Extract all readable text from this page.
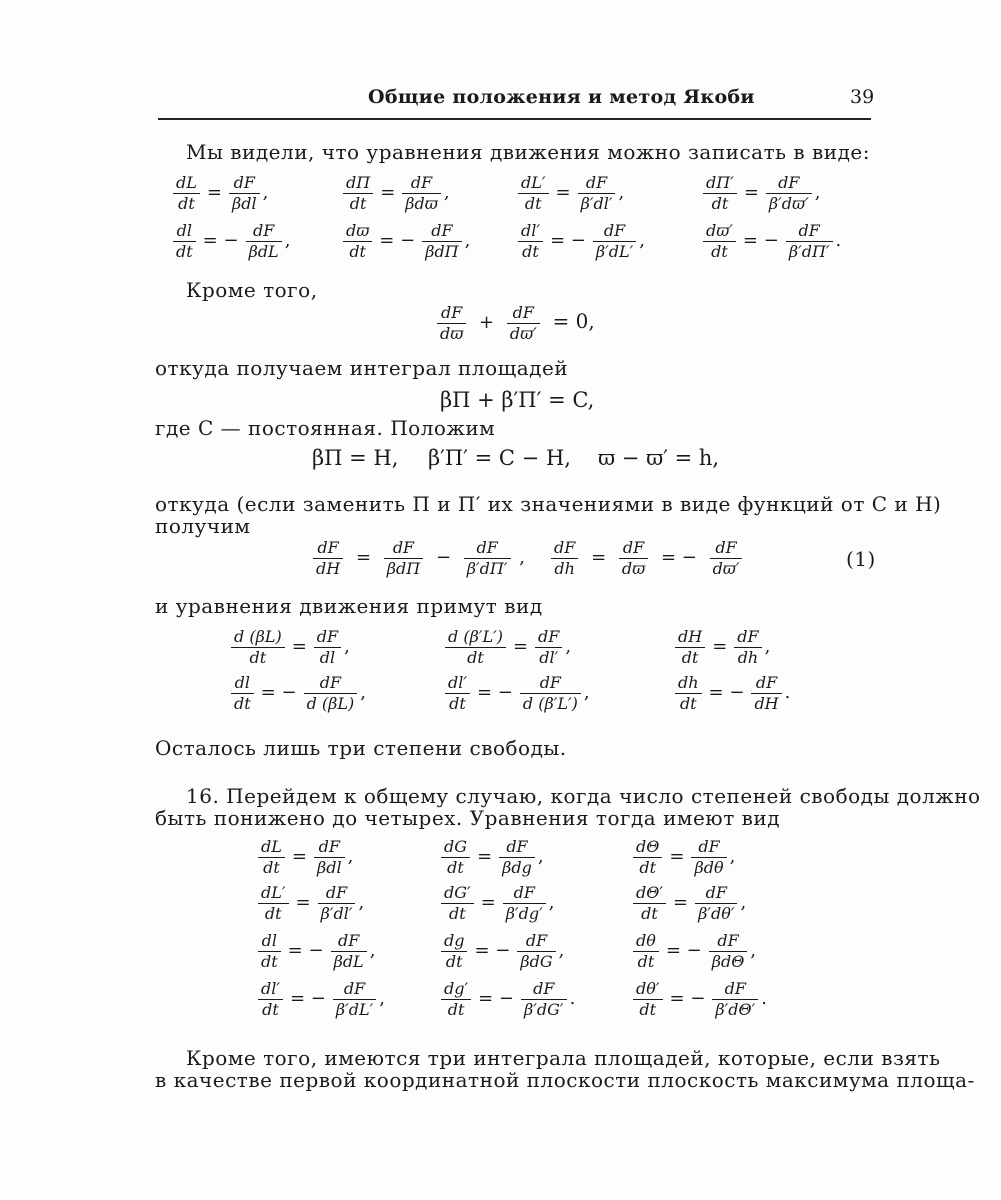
Общие положения и метод Якоби	39
Мы видели, что уравнения движения можно записать в виде:
$\frac{dL}{dt} = \frac{dF}{\text{βdl}}$ ,	$\frac{d\Pi}{dt} = \frac{dF}{\text{βdϖ}}$ ,	$\frac{dL'}{dt} = \frac{dF}{\beta'dl'}$ ,	$\frac{d\Pi'}{dt} = \frac{dF}{\beta'dϖ'}$ ,
$\frac{dl}{dt}$ = − $\frac{dF}{\text{βdL}}$ ,	$\frac{dϖ}{dt}$ = − $\frac{dF}{\text{βdΠ}}$ ,	$\frac{dl'}{dt}$ = − $\frac{dF}{\beta'dL'}$ ,	$\frac{dϖ'}{dt}$ = − $\frac{dF}{\beta'd\Pi'}$ .
Кроме того,
$\frac{dF}{dϖ} + \frac{dF}{dϖ'} = 0$,
откуда получаем интеграл площадей
βΠ + β′Π′ = C,
где C — постоянная. Положим
βΠ = H, β′Π′ = C − H, ϖ − ϖ′ = h,
откуда (если заменить Π и Π′ их значениями в виде функций от C и H)
получим
$\frac{dF}{dH} = \frac{dF}{\text{βdΠ}} - \frac{dF}{\beta'd\Pi'}$ , $\frac{dF}{dh} = \frac{dF}{dϖ}$ = − $\frac{dF}{dϖ'}$	(1)
и уравнения движения примут вид
$\frac{d (\beta L)}{dt} = \frac{dF}{dl}$ ,	$\frac{d (\beta'L')}{dt} = \frac{dF}{dl'}$ ,	$\frac{dH}{dt} = \frac{dF}{dh}$ ,
$\frac{dl}{dt}$ = − $\frac{dF}{d (\beta L)}$ ,	$\frac{dl'}{dt}$ = − $\frac{dF}{d (\beta'L')}$ ,	$\frac{dh}{dt}$ = − $\frac{dF}{dH}$ .
Осталось лишь три степени свободы.
16. Перейдем к общему случаю, когда число степеней свободы должно
быть понижено до четырех. Уравнения тогда имеют вид
$\frac{dL}{dt} = \frac{dF}{\text{βdl}}$ ,	$\frac{dG}{dt} = \frac{dF}{\text{βdg}}$ ,	$\frac{d\Theta}{dt} = \frac{dF}{\text{βdθ}}$ ,
$\frac{dL'}{dt} = \frac{dF}{\beta'dl'}$ ,	$\frac{dG'}{dt} = \frac{dF}{\beta'dg'}$ ,	$\frac{d\Theta'}{dt} = \frac{dF}{\beta'd\theta'}$ ,
$\frac{dl}{dt}$ = − $\frac{dF}{\text{βdL}}$ ,	$\frac{dg}{dt}$ = − $\frac{dF}{\text{βdG}}$ ,	$\frac{d\theta}{dt}$ = − $\frac{dF}{\text{βdΘ}}$ ,
$\frac{dl'}{dt}$ = − $\frac{dF}{\beta'dL'}$ ,	$\frac{dg'}{dt}$ = − $\frac{dF}{\beta'dG'}$ .	$\frac{d\theta'}{dt}$ = − $\frac{dF}{\beta'd\Theta'}$ .
Кроме того, имеются три интеграла площадей, которые, если взять
в качестве первой координатной плоскости плоскость максимума площа-
